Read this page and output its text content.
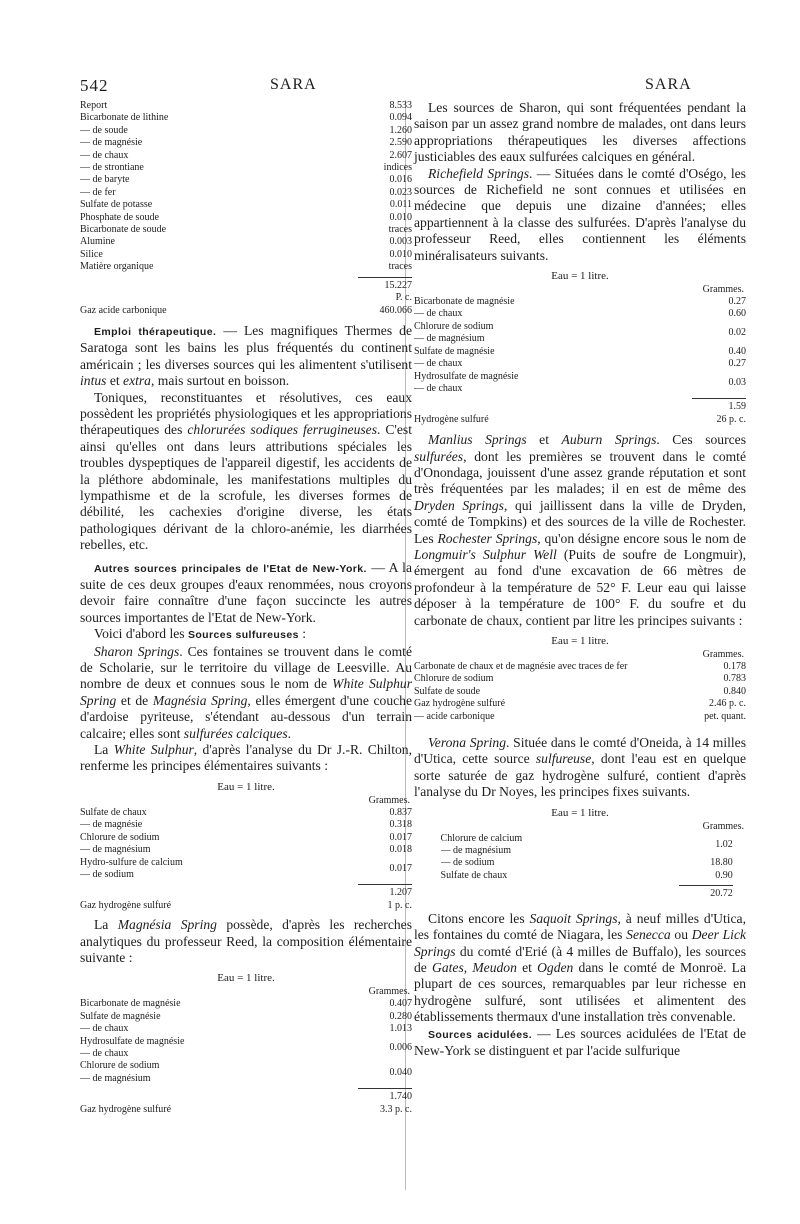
542	SARA	SARA
Report	8.533
Bicarbonate de lithine	0.094
— de soude	1.260
— de magnésie	2.590
— de chaux	2.607
— de strontiane	indices
— de baryte	0.016
— de fer	0.023
Sulfate de potasse	0.011
Phosphate de soude	0.010
Bicarbonate de soude	traces
Alumine	0.003
Silice	0.010
Matière organique	traces
	15.227
	P. c.
Gaz acide carbonique	460.066

Emploi thérapeutique. — Les magnifiques Thermes de Saratoga sont les bains les plus fréquentés du continent américain ; les diverses sources qui les alimentent s'utilisent intus et extra, mais surtout en boisson.

Toniques, reconstituantes et résolutives, ces eaux possèdent les propriétés physiologiques et les appropriations thérapeutiques des chlorurées sodiques ferrugineuses. C'est ainsi qu'elles ont dans leurs attributions spéciales les troubles dyspeptiques de l'appareil digestif, les accidents de la pléthore abdominale, les manifestations multiples du lympathisme et de la scrofule, les diverses formes de débilité, les cachexies d'origine diverse, les états pathologiques dérivant de la chloro-anémie, les diarrhées rebelles, etc.

Autres sources principales de l'Etat de New-York. — A la suite de ces deux groupes d'eaux renommées, nous croyons devoir faire connaître d'une façon succincte les autres sources importantes de l'Etat de New-York.

Voici d'abord les Sources sulfureuses :

Sharon Springs. Ces fontaines se trouvent dans le comté de Scholarie, sur le territoire du village de Leesville. Au nombre de deux et connues sous le nom de White Sulphur Spring et de Magnésia Spring, elles émergent d'une couche d'ardoise pyriteuse, s'étendant au-dessous d'un terrain calcaire; elles sont sulfurées calciques.

La White Sulphur, d'après l'analyse du Dr J.-R. Chilton, renferme les principes élémentaires suivants :

Eau = 1 litre.
Grammes.
Sulfate de chaux	0.837
— de magnésie	0.318
Chlorure de sodium	0.017
— de magnésium	0.018
Hydro-sulfure de calcium	0.017
— de sodium
	1.207
Gaz hydrogène sulfuré	1 p. c.

La Magnésia Spring possède, d'après les recherches analytiques du professeur Reed, la composition élémentaire suivante :

Eau = 1 litre.
Grammes.
Bicarbonate de magnésie	0.407
Sulfate de magnésie	0.280
— de chaux	1.013
Hydrosulfate de magnésie	0.006
— de chaux	
Chlorure de sodium	0.040
— de magnésium	
	1.740
Gaz hydrogène sulfuré	3.3 p. c.

Les sources de Sharon, qui sont fréquentées pendant la saison par un assez grand nombre de malades, ont dans leurs appropriations thérapeutiques les diverses affections justiciables des eaux sulfurées calciques en général.

Richefield Springs. — Situées dans le comté d'Oségo, les sources de Richefield ne sont connues et utilisées en médecine que depuis une dizaine d'années; elles appartiennent à la classe des sulfurées. D'après l'analyse du professeur Reed, elles contiennent les éléments minéralisateurs suivants.

Eau = 1 litre.
Grammes.
Bicarbonate de magnésie	0.27
— de chaux	0.60
Chlorure de sodium	0.02
— de magnésium	
Sulfate de magnésie	0.40
— de chaux	0.27
Hydrosulfate de magnésie	0.03
— de chaux	
	1.59
Hydrogène sulfuré	26 p. c.

Manlius Springs et Auburn Springs. Ces sources sulfurées, dont les premières se trouvent dans le comté d'Onondaga, jouissent d'une assez grande réputation et sont très fréquentées par les malades; il en est de même des Dryden Springs, qui jaillissent dans la ville de Dryden, comté de Tompkins) et des sources de la ville de Rochester. Les Rochester Springs, qu'on désigne encore sous le nom de Longmuir's Sulphur Well (Puits de soufre de Longmuir), émergent au fond d'une excavation de 66 mètres de profondeur à la température de 52° F. Leur eau qui laisse déposer à la température de 100° F. du soufre et du carbonate de chaux, contient par litre les principes suivants :

Eau = 1 litre.
Grammes.
Carbonate de chaux et de magnésie avec traces de fer	0.178
Chlorure de sodium	0.783
Sulfate de soude	0.840
Gaz hydrogène sulfuré	2.46 p. c.
— acide carbonique	pet. quant.

Verona Spring. Située dans le comté d'Oneida, à 14 milles d'Utica, cette source sulfureuse, dont l'eau est en quelque sorte saturée de gaz hydrogène sulfuré, contient d'après l'analyse du Dr Noyes, les principes fixes suivants.

Eau = 1 litre.
Grammes.
Chlorure de calcium	1.02
— de magnésium	
— de sodium	18.80
Sulfate de chaux	0.90
	20.72

Citons encore les Saquoit Springs, à neuf milles d'Utica, les fontaines du comté de Niagara, les Senecca ou Deer Lick Springs du comté d'Erié (à 4 milles de Buffalo), les sources de Gates, Meudon et Ogden dans le comté de Monroë. La plupart de ces sources, remarquables par leur richesse en hydrogène sulfuré, sont utilisées et alimentent des établissements thermaux d'une installation très convenable.

Sources acidulées. — Les sources acidulées de l'Etat de New-York se distinguent et par l'acide sulfurique
